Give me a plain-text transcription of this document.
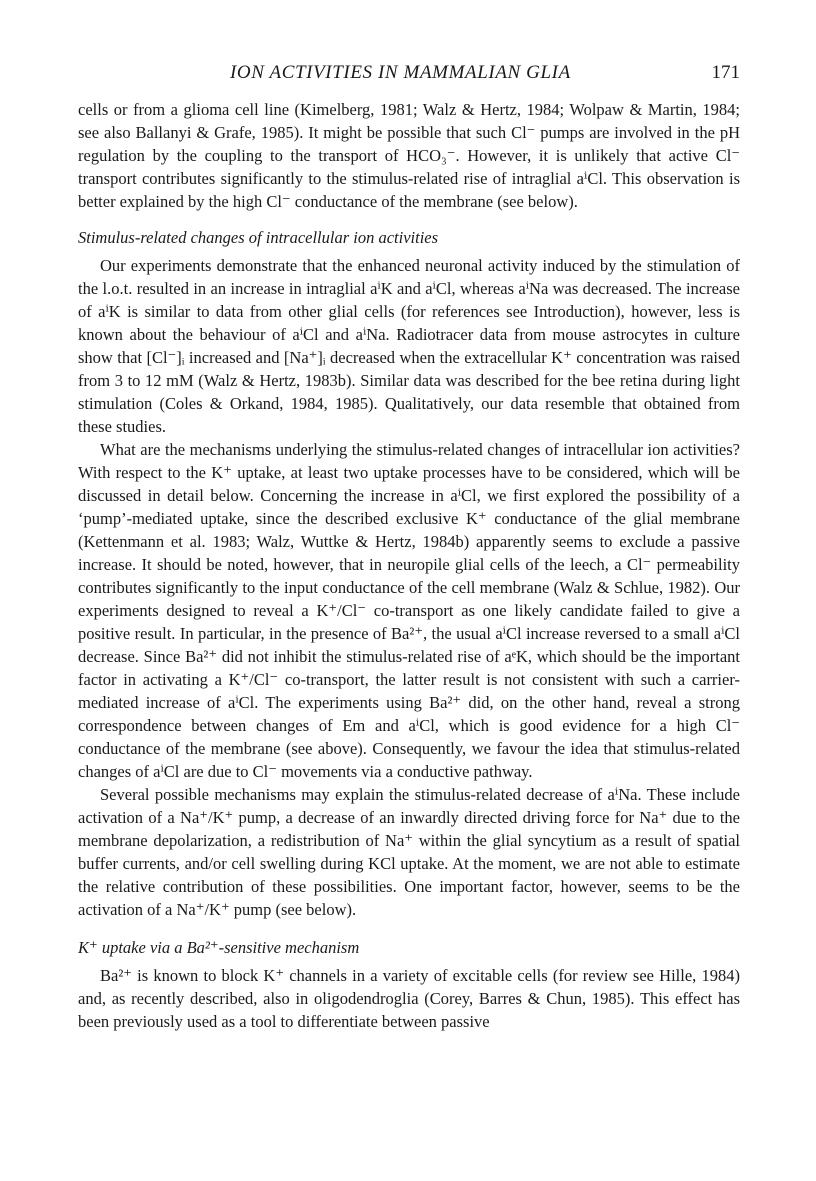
ION ACTIVITIES IN MAMMALIAN GLIA	171

cells or from a glioma cell line (Kimelberg, 1981; Walz & Hertz, 1984; Wolpaw & Martin, 1984; see also Ballanyi & Grafe, 1985). It might be possible that such Cl⁻ pumps are involved in the pH regulation by the coupling to the transport of HCO₃⁻. However, it is unlikely that active Cl⁻ transport contributes significantly to the stimulus-related rise of intraglial aⁱCl. This observation is better explained by the high Cl⁻ conductance of the membrane (see below).

Stimulus-related changes of intracellular ion activities

Our experiments demonstrate that the enhanced neuronal activity induced by the stimulation of the l.o.t. resulted in an increase in intraglial aⁱK and aⁱCl, whereas aⁱNa was decreased. The increase of aⁱK is similar to data from other glial cells (for references see Introduction), however, less is known about the behaviour of aⁱCl and aⁱNa. Radiotracer data from mouse astrocytes in culture show that [Cl⁻]ᵢ increased and [Na⁺]ᵢ decreased when the extracellular K⁺ concentration was raised from 3 to 12 mM (Walz & Hertz, 1983b). Similar data was described for the bee retina during light stimulation (Coles & Orkand, 1984, 1985). Qualitatively, our data resemble that obtained from these studies.

What are the mechanisms underlying the stimulus-related changes of intracellular ion activities? With respect to the K⁺ uptake, at least two uptake processes have to be considered, which will be discussed in detail below. Concerning the increase in aⁱCl, we first explored the possibility of a ‘pump’-mediated uptake, since the described exclusive K⁺ conductance of the glial membrane (Kettenmann et al. 1983; Walz, Wuttke & Hertz, 1984b) apparently seems to exclude a passive increase. It should be noted, however, that in neuropile glial cells of the leech, a Cl⁻ permeability contributes significantly to the input conductance of the cell membrane (Walz & Schlue, 1982). Our experiments designed to reveal a K⁺/Cl⁻ co-transport as one likely candidate failed to give a positive result. In particular, in the presence of Ba²⁺, the usual aⁱCl increase reversed to a small aⁱCl decrease. Since Ba²⁺ did not inhibit the stimulus-related rise of aᵉK, which should be the important factor in activating a K⁺/Cl⁻ co-transport, the latter result is not consistent with such a carrier-mediated increase of aⁱCl. The experiments using Ba²⁺ did, on the other hand, reveal a strong correspondence between changes of Em and aⁱCl, which is good evidence for a high Cl⁻ conductance of the membrane (see above). Consequently, we favour the idea that stimulus-related changes of aⁱCl are due to Cl⁻ movements via a conductive pathway.

Several possible mechanisms may explain the stimulus-related decrease of aⁱNa. These include activation of a Na⁺/K⁺ pump, a decrease of an inwardly directed driving force for Na⁺ due to the membrane depolarization, a redistribution of Na⁺ within the glial syncytium as a result of spatial buffer currents, and/or cell swelling during KCl uptake. At the moment, we are not able to estimate the relative contribution of these possibilities. One important factor, however, seems to be the activation of a Na⁺/K⁺ pump (see below).

K⁺ uptake via a Ba²⁺-sensitive mechanism

Ba²⁺ is known to block K⁺ channels in a variety of excitable cells (for review see Hille, 1984) and, as recently described, also in oligodendroglia (Corey, Barres & Chun, 1985). This effect has been previously used as a tool to differentiate between passive
